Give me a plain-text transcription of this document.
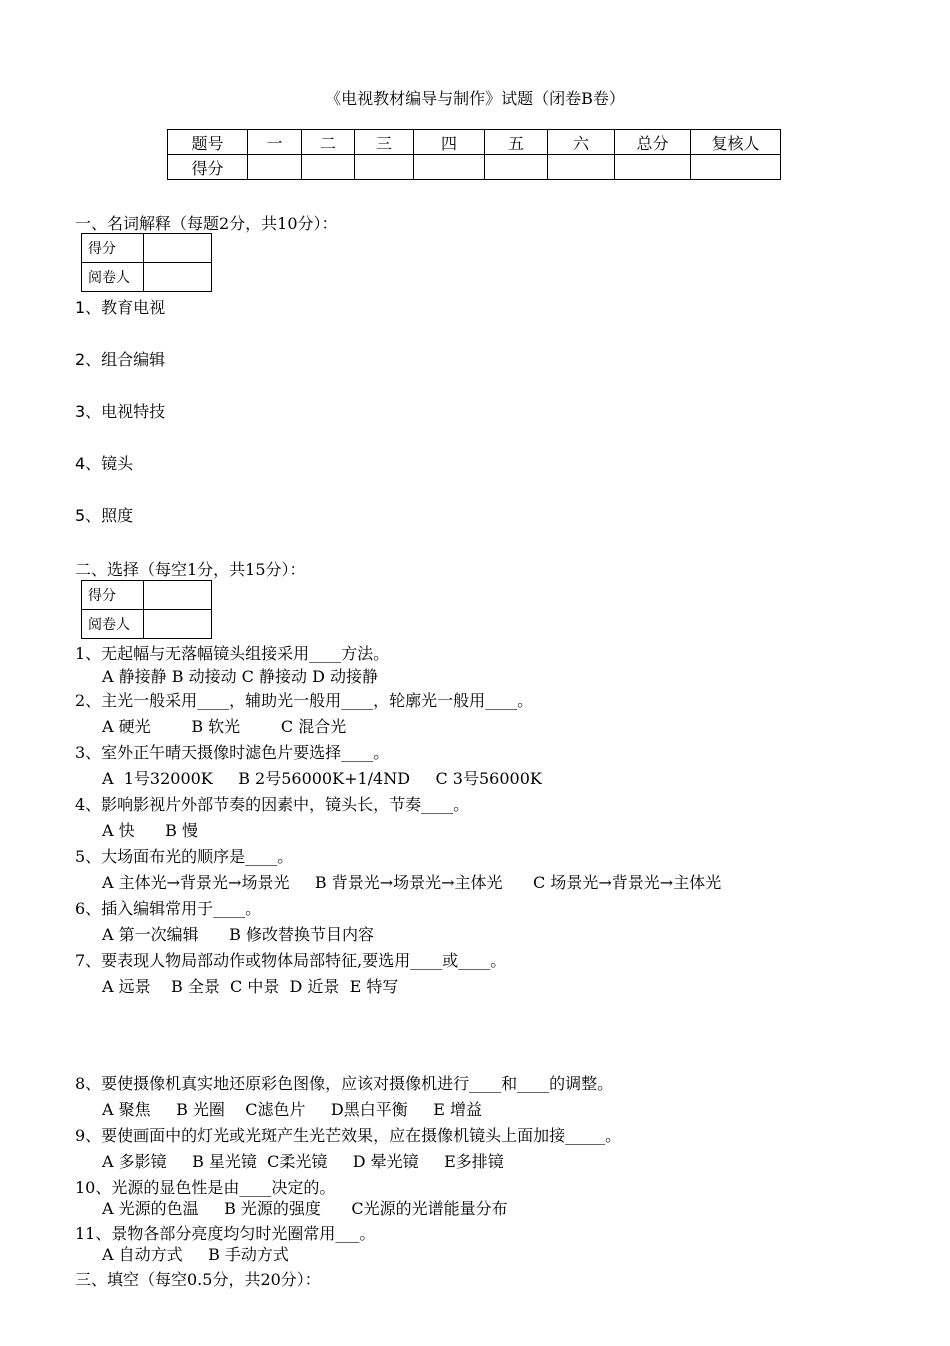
《电视教材编导与制作》试题（闭卷B卷）
题号	一	二	三	四	五	六	总分	复核人
得分								
一、名词解释（每题2分，共10分）：
得分	
阅卷人	
1、教育电视
2、组合编辑
3、电视特技
4、镜头
5、照度
二、选择（每空1分，共15分）：
得分	
阅卷人	
1、无起幅与无落幅镜头组接采用____方法。
A 静接静 B 动接动 C 静接动 D 动接静
2、主光一般采用____，辅助光一般用____，轮廓光一般用____。
A 硬光        B 软光        C 混合光
3、室外正午晴天摄像时滤色片要选择____。
A  1号32000K     B 2号56000K+1/4ND     C 3号56000K
4、影响影视片外部节奏的因素中，镜头长，节奏____。
A 快      B 慢
5、大场面布光的顺序是____。
A 主体光→背景光→场景光     B 背景光→场景光→主体光      C 场景光→背景光→主体光
6、插入编辑常用于____。
A 第一次编辑      B 修改替换节目内容
7、要表现人物局部动作或物体局部特征,要选用____或____。
A 远景    B 全景  C 中景  D 近景  E 特写
8、要使摄像机真实地还原彩色图像，应该对摄像机进行____和____的调整。
A 聚焦     B 光圈    C滤色片     D黑白平衡     E 增益
9、要使画面中的灯光或光斑产生光芒效果，应在摄像机镜头上面加接_____。
A 多影镜     B 星光镜  C柔光镜     D 晕光镜     E多排镜
10、光源的显色性是由____决定的。
A 光源的色温     B 光源的强度      C光源的光谱能量分布
11、景物各部分亮度均匀时光圈常用___。
A 自动方式     B 手动方式
三、填空（每空0.5分，共20分）：
